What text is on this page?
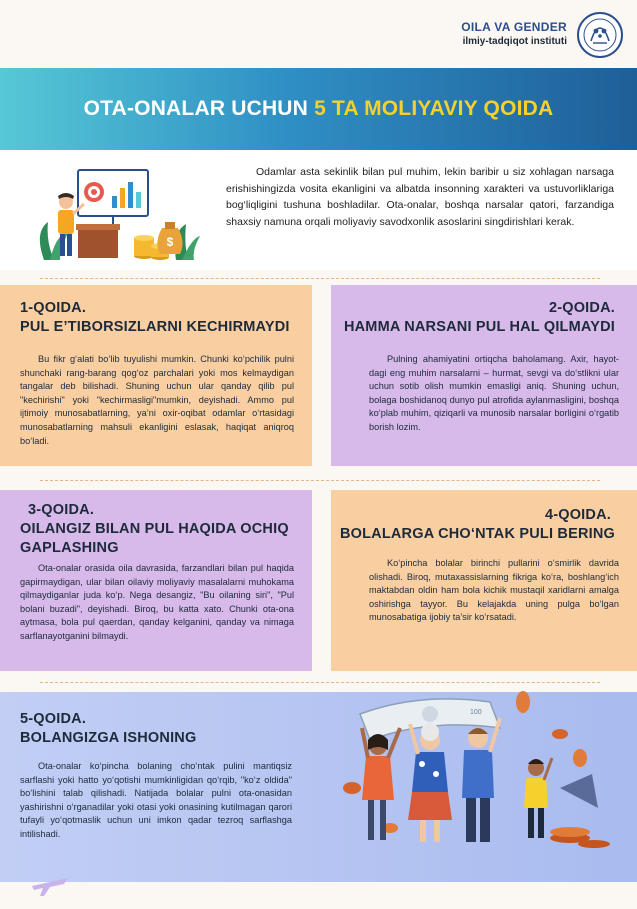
OILA VA GENDER
ilmiy-tadqiqot instituti
OTA-ONALAR UCHUN 5 TA MOLIYAVIY QOIDA
$
Odamlar asta sekinlik bilan pul muhim, lekin baribir u siz xohlagan narsaga erishishingizda vosita ekanligini va albatda insonning xarakteri va ustuvorliklariga bog‘liqligini tushuna boshladilar. Ota-onalar, boshqa narsalar qatori, farzandiga shaxsiy namuna orqali moliyaviy savodxonlik asoslarini singdirishlari kerak.
1-QOIDA.
PUL E’TIBORSIZLARNI KECHIRMAYDI
Bu fikr g‘alati bo‘lib tuyulishi mumkin. Chunki ko‘pchilik pulni shunchaki rang-barang qog‘oz parchalari yoki mos kelmaydigan tangalar deb bilishadi. Shuning uchun ular qanday qilib pul "kechirishi" yoki "kechirmasligi"mumkin, deyishadi. Ammo pul ijtimoiy munosabatlarning, ya’ni oxir-oqibat odamlar o‘rtasidagi munosabatlarning mahsuli ekanligini eslasak, haqiqat aniqroq bo‘ladi.
2-QOIDA.
HAMMA NARSANI PUL HAL QILMAYDI
Pulning ahamiyatini ortiqcha baholamang. Axir, hayot-dagi eng muhim narsalarni – hurmat, sevgi va do‘stlikni ular uchun sotib olish mumkin emasligi aniq. Shuning uchun, bolaga boshidanoq dunyo pul atrofida aylanmasligini, boshqa ko‘plab muhim, qiziqarli va munosib narsalar borligini o‘rgatib borish lozim.
3-QOIDA.
OILANGIZ BILAN PUL HAQIDA OCHIQ GAPLASHING
Ota-onalar orasida oila davrasida, farzandlari bilan pul haqida gapirmaydigan, ular bilan oilaviy moliyaviy masalalarni muhokama qilmaydiganlar juda ko‘p. Nega desangiz, "Bu oilaning siri", "Pul bolani buzadi", deyishadi. Biroq, bu katta xato. Chunki ota-ona aytmasa, bola pul qaerdan, qanday kelganini, qanday va nimaga sarflanayotganini bilmaydi.
4-QOIDA.
BOLALARGA CHO‘NTAK PULI BERING
Ko‘pincha bolalar birinchi pullarini o‘smirlik davrida olishadi. Biroq, mutaxassislarning fikriga ko‘ra, boshlang‘ich maktabdan oldin ham bola kichik mustaqil xaridlarni amalga oshirishga tayyor. Bu kelajakda uning pulga bo‘lgan munosabatiga ijobiy ta’sir ko‘rsatadi.
5-QOIDA.
BOLANGIZGA ISHONING
Ota-onalar ko‘pincha bolaning cho‘ntak pulini mantiqsiz sarflashi yoki hatto yo‘qotishi mumkinligidan qo‘rqib, "ko‘z oldida" bo‘lishini talab qilishadi. Natijada bolalar pulni ota-onasidan yashirishni o‘rganadilar yoki otasi yoki onasining kutilmagan qarori tufayli yo‘qotmaslik uchun uni imkon qadar tezroq sarflashga intilishadi.
100
